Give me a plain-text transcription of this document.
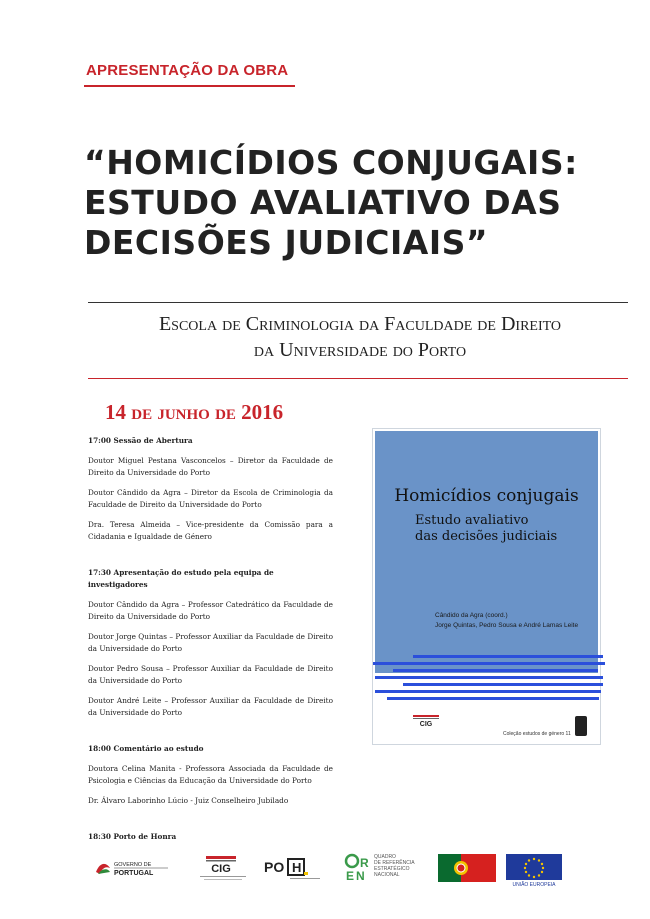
APRESENTAÇÃO DA OBRA
“HOMICÍDIOS CONJUGAIS:
ESTUDO AVALIATIVO DAS
DECISÕES JUDICIAIS”
Escola de Criminologia da Faculdade de Direito
da Universidade do Porto
14 de junho de 2016
17:00 Sessão de Abertura
Doutor Miguel Pestana Vasconcelos – Diretor da Faculdade de Direito da Universidade do Porto
Doutor Cândido da Agra – Diretor da Escola de Criminologia da Faculdade de Direito da Universidade do Porto
Dra. Teresa Almeida – Vice-presidente da Comissão para a Cidadania e Igualdade de Género
17:30 Apresentação do estudo pela equipa de investigadores
Doutor Cândido da Agra – Professor Catedrático da Faculdade de Direito da Universidade do Porto
Doutor Jorge Quintas – Professor Auxiliar da Faculdade de Direito da Universidade do Porto
Doutor Pedro Sousa – Professor Auxiliar da Faculdade de Direito da Universidade do Porto
Doutor André Leite – Professor Auxiliar da Faculdade de Direito da Universidade do Porto
18:00 Comentário ao estudo
Doutora Celina Manita - Professora Associada da Faculdade de Psicologia e Ciências da Educação da Universidade do Porto
Dr. Álvaro Laborinho Lúcio - Juiz Conselheiro Jubilado
18:30 Porto de Honra
Homicídios conjugais
Estudo avaliativo
das decisões judiciais
Cândido da Agra (coord.)
Jorge Quintas, Pedro Sousa e André Lamas Leite
CIG
Coleção estudos de género 11
GOVERNO DE
PORTUGAL	CIG PO H	R
E N
QUADRO
DE REFERÊNCIA
ESTRATÉGICO
NACIONAL
UNIÃO EUROPEIA
